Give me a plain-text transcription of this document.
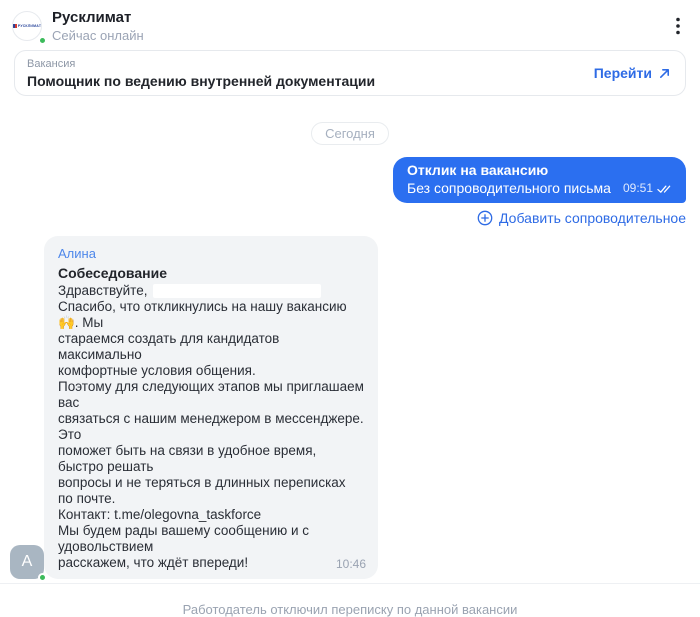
РУСКЛИМАТ Русклимат
Сейчас онлайн
Вакансия
Помощник по ведению внутренней документации	Перейти
Сегодня
Отклик на вакансию
Без сопроводительного письма 09:51
Добавить сопроводительное
Алина
Собеседование
Здравствуйте,
Спасибо, что откликнулись на нашу вакансию 🙌. Мы
стараемся создать для кандидатов максимально
комфортные условия общения.
Поэтому для следующих этапов мы приглашаем вас
связаться с нашим менеджером в мессенджере. Это
поможет быть на связи в удобное время, быстро решать
вопросы и не теряться в длинных переписках по почте.
Контакт: t.me/olegovna_taskforce
Мы будем рады вашему сообщению и с удовольствием
расскажем, что ждёт впереди!	10:46
А
Работодатель отключил переписку по данной вакансии
